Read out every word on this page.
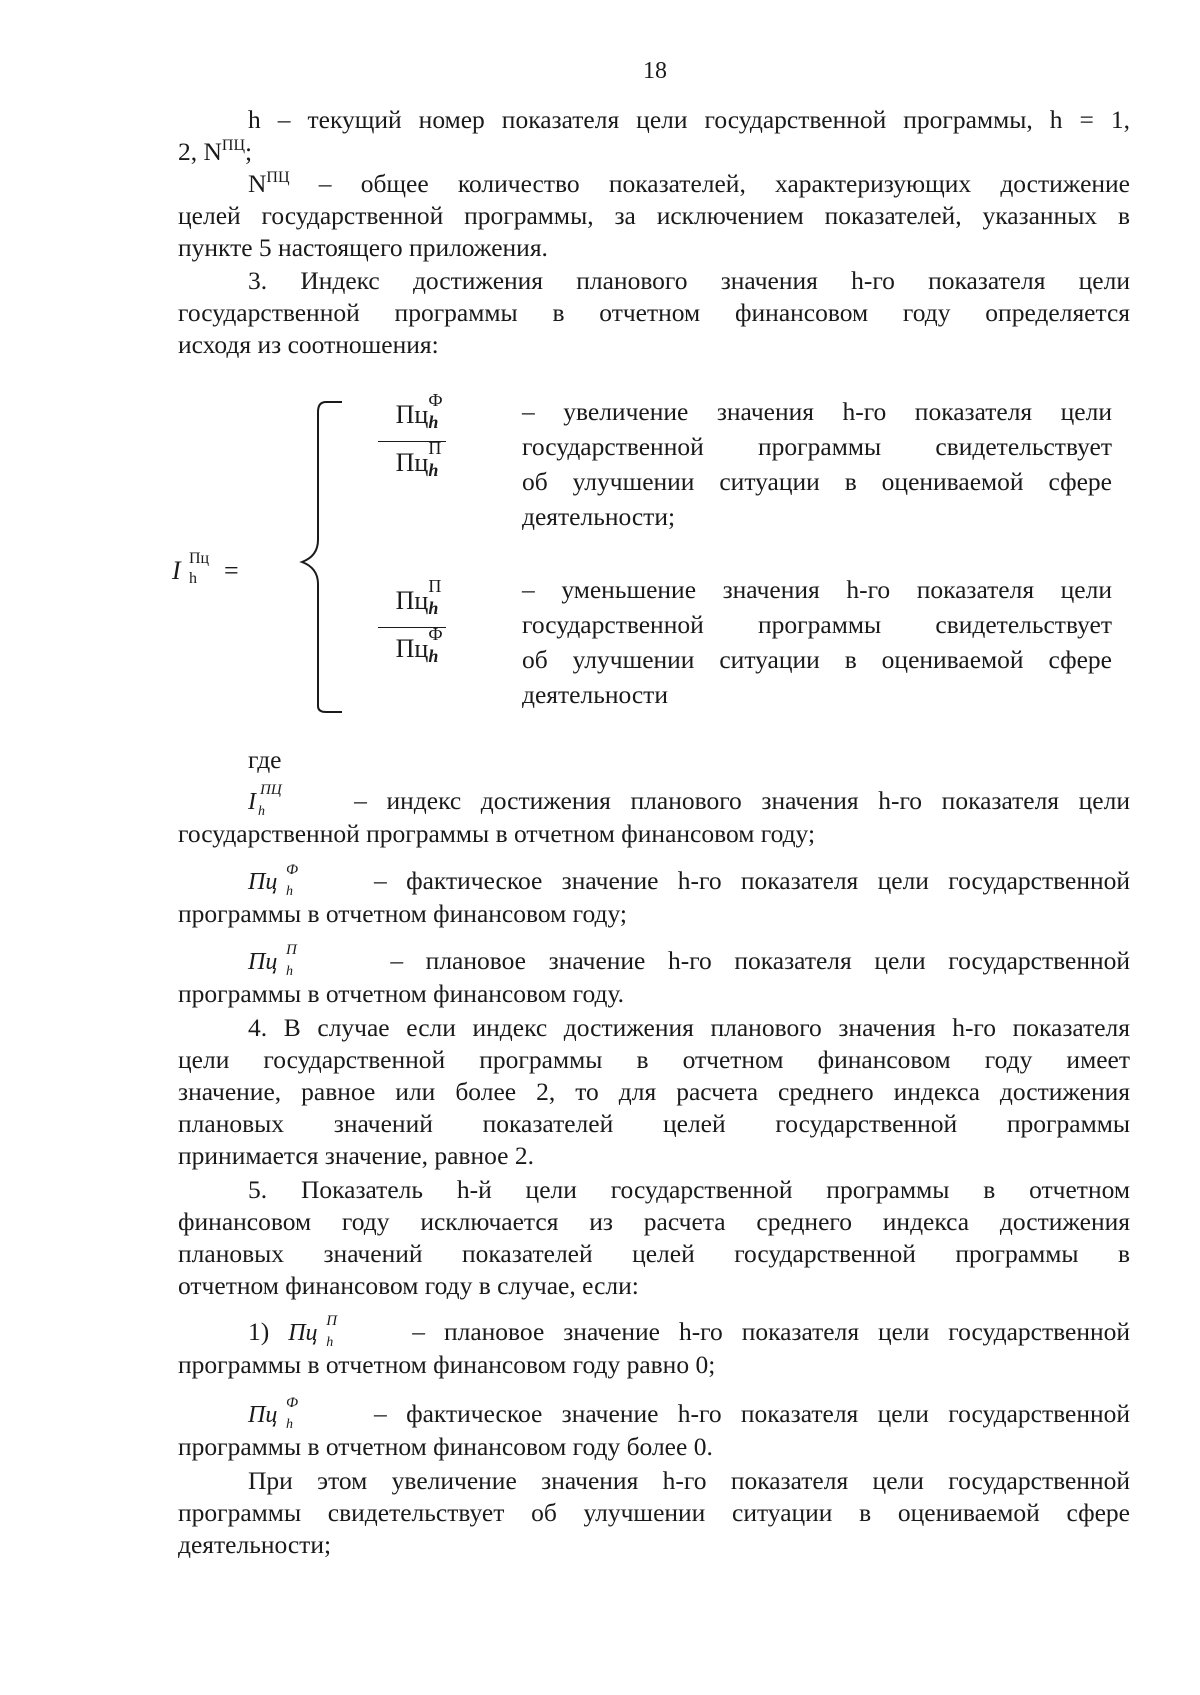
18
h – текущий номер показателя цели государственной программы, h = 1,
2, $N^{ПЦ}$;
$N^{ПЦ}$ – общее количество показателей, характеризующих достижение
целей государственной программы, за исключением показателей, указанных в
пункте 5 настоящего приложения.
3. Индекс достижения планового значения h-го показателя цели
государственной программы в отчетном финансовом году определяется
исходя из соотношения:
I Пц
h =
Пц Ф
h
Пц П
h
Пц П
h
Пц Ф
h
– увеличение значения h-го показателя цели
государственной программы свидетельствует
об улучшении ситуации в оцениваемой сфере
деятельности;
– уменьшение значения h-го показателя цели
государственной программы свидетельствует
об улучшении ситуации в оцениваемой сфере
деятельности
где
I ПЦ
h	– индекс достижения планового значения h-го показателя цели
государственной программы в отчетном финансовом году;
Пц Ф
h	– фактическое значение h-го показателя цели государственной
программы в отчетном финансовом году;
Пц П
h	– плановое значение h-го показателя цели государственной
программы в отчетном финансовом году.
4. В случае если индекс достижения планового значения h-го показателя
цели государственной программы в отчетном финансовом году имеет
значение, равное или более 2, то для расчета среднего индекса достижения
плановых значений показателей целей государственной программы
принимается значение, равное 2.
5. Показатель h-й цели государственной программы в отчетном
финансовом году исключается из расчета среднего индекса достижения
плановых значений показателей целей государственной программы в
отчетном финансовом году в случае, если:
1) Пц П
h	– плановое значение h-го показателя цели государственной
программы в отчетном финансовом году равно 0;
Пц Ф
h	– фактическое значение h-го показателя цели государственной
программы в отчетном финансовом году более 0.
При этом увеличение значения h-го показателя цели государственной
программы свидетельствует об улучшении ситуации в оцениваемой сфере
деятельности;
